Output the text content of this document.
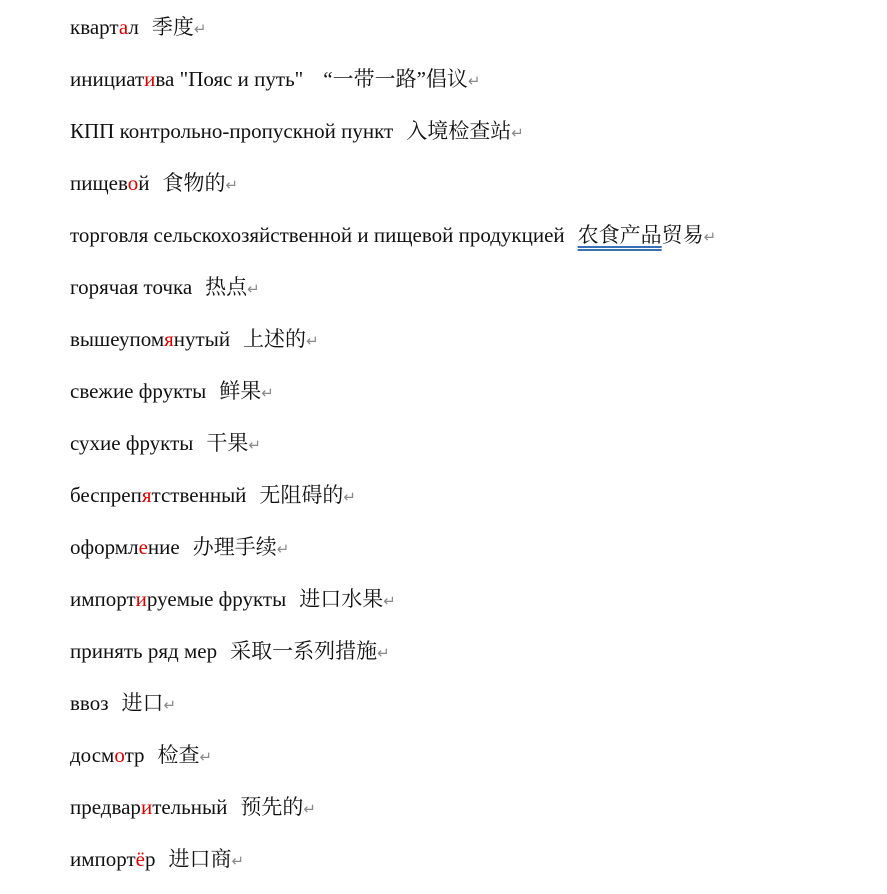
квартал 季度↵
инициатива "Пояс и путь" “一带一路”倡议↵
КПП контрольно-пропускной пункт 入境检查站↵
пищевой 食物的↵
торговля сельскохозяйственной и пищевой продукцией 农食产品贸易↵
горячая точка 热点↵
вышеупомянутый 上述的↵
свежие фрукты 鲜果↵
сухие фрукты 干果↵
беспрепятственный 无阻碍的↵
оформление 办理手续↵
импортируемые фрукты 进口水果↵
принять ряд мер 采取一系列措施↵
ввоз 进口↵
досмотр 检查↵
предварительный 预先的↵
импортёр 进口商↵
